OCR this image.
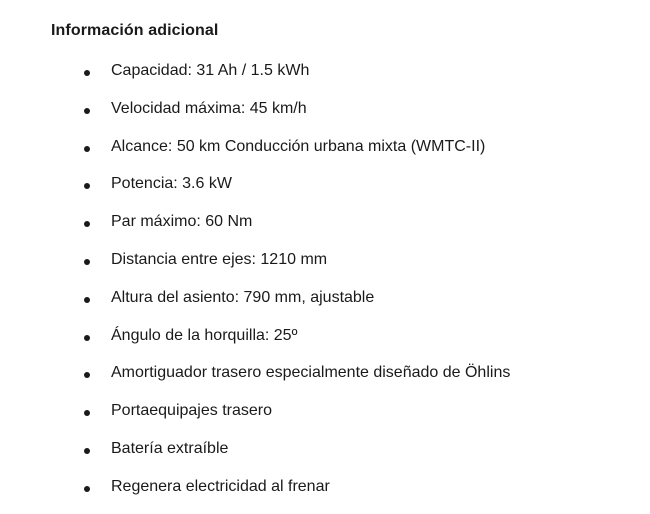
Información adicional
Capacidad: 31 Ah / 1.5 kWh
Velocidad máxima: 45 km/h
Alcance: 50 km Conducción urbana mixta (WMTC-II)
Potencia: 3.6 kW
Par máximo: 60 Nm
Distancia entre ejes: 1210 mm
Altura del asiento: 790 mm, ajustable
Ángulo de la horquilla: 25º
Amortiguador trasero especialmente diseñado de Öhlins
Portaequipajes trasero
Batería extraíble
Regenera electricidad al frenar
